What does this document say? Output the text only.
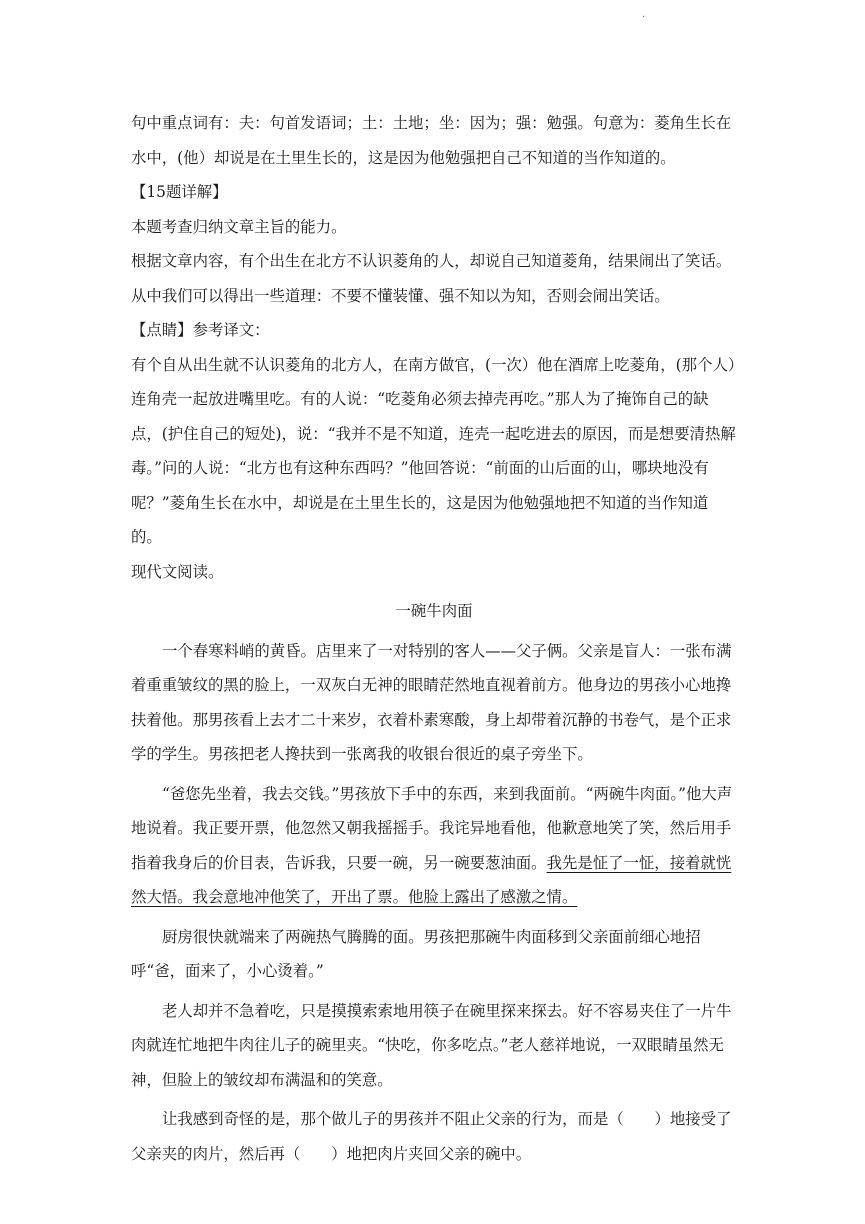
·

句中重点词有：夫：句首发语词；土：土地；坐：因为；强：勉强。句意为：菱角生长在水中，(他）却说是在土里生长的，这是因为他勉强把自己不知道的当作知道的。

【15题详解】

本题考查归纳文章主旨的能力。

根据文章内容，有个出生在北方不认识菱角的人，却说自己知道菱角，结果闹出了笑话。从中我们可以得出一些道理：不要不懂装懂、强不知以为知，否则会闹出笑话。

【点睛】参考译文：

有个自从出生就不认识菱角的北方人，在南方做官，(一次）他在酒席上吃菱角，(那个人）连角壳一起放进嘴里吃。有的人说：“吃菱角必须去掉壳再吃。”那人为了掩饰自己的缺点，(护住自己的短处)，说：“我并不是不知道，连壳一起吃进去的原因，而是想要清热解毒。”问的人说：“北方也有这种东西吗？”他回答说：“前面的山后面的山，哪块地没有呢？”菱角生长在水中，却说是在土里生长的，这是因为他勉强地把不知道的当作知道的。

现代文阅读。

一碗牛肉面

一个春寒料峭的黄昏。店里来了一对特别的客人——父子俩。父亲是盲人：一张布满着重重皱纹的黑的脸上，一双灰白无神的眼睛茫然地直视着前方。他身边的男孩小心地搀扶着他。那男孩看上去才二十来岁，衣着朴素寒酸，身上却带着沉静的书卷气，是个正求学的学生。男孩把老人搀扶到一张离我的收银台很近的桌子旁坐下。

“爸您先坐着，我去交钱。”男孩放下手中的东西，来到我面前。“两碗牛肉面。”他大声地说着。我正要开票，他忽然又朝我摇摇手。我诧异地看他，他歉意地笑了笑，然后用手指着我身后的价目表，告诉我，只要一碗，另一碗要葱油面。我先是怔了一怔，接着就恍然大悟。我会意地冲他笑了，开出了票。他脸上露出了感激之情。

厨房很快就端来了两碗热气腾腾的面。男孩把那碗牛肉面移到父亲面前细心地招呼“爸，面来了，小心烫着。”

老人却并不急着吃，只是摸摸索索地用筷子在碗里探来探去。好不容易夹住了一片牛肉就连忙地把牛肉往儿子的碗里夹。“快吃，你多吃点。”老人慈祥地说，一双眼睛虽然无神，但脸上的皱纹却布满温和的笑意。

让我感到奇怪的是，那个做儿子的男孩并不阻止父亲的行为，而是（　　）地接受了父亲夹的肉片，然后再（　　）地把肉片夹回父亲的碗中。
